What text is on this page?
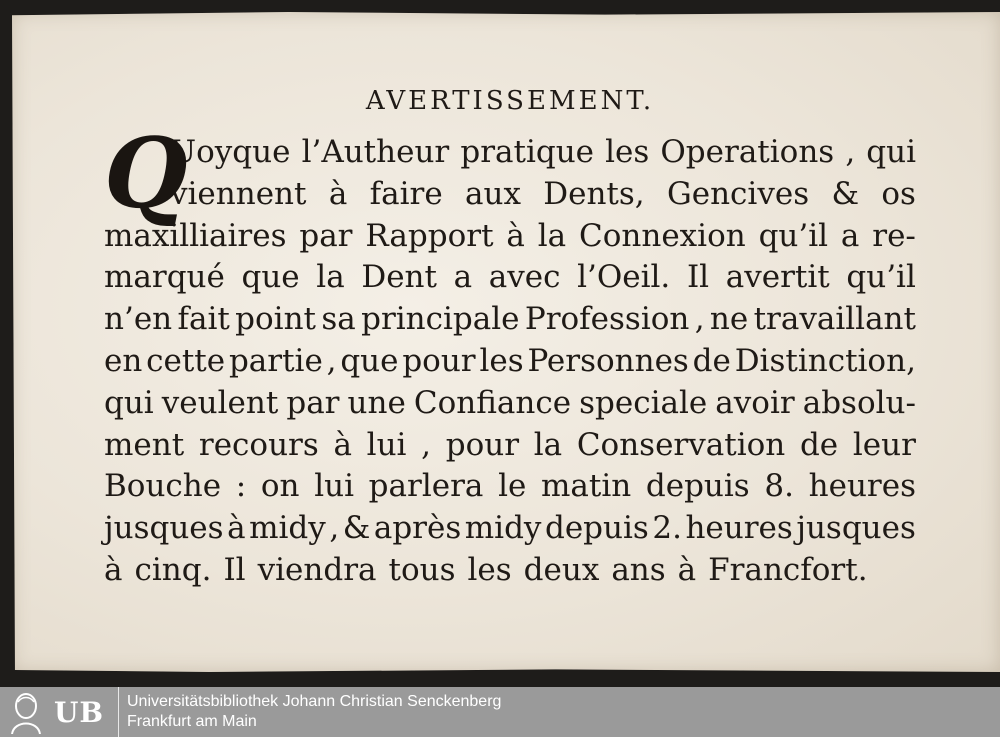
AVERTISSEMENT.
Q
Uoyque l’Autheur pratique les Operations , qui
viennent à faire aux Dents, Gencives & os
maxilliaires par Rapport à la Connexion qu’il a re-
marqué que la Dent a avec l’Oeil. Il avertit qu’il
n’en fait point sa principale Profession , ne travaillant
en cette partie , que pour les Personnes de Distinction,
qui veulent par une Confiance speciale avoir absolu-
ment recours à lui , pour la Conservation de leur
Bouche : on lui parlera le matin depuis 8. heures
jusques à midy , & après midy depuis 2. heures jusques
à cinq. Il viendra tous les deux ans à Francfort.
UB Universitätsbibliothek Johann Christian Senckenberg
Frankfurt am Main
